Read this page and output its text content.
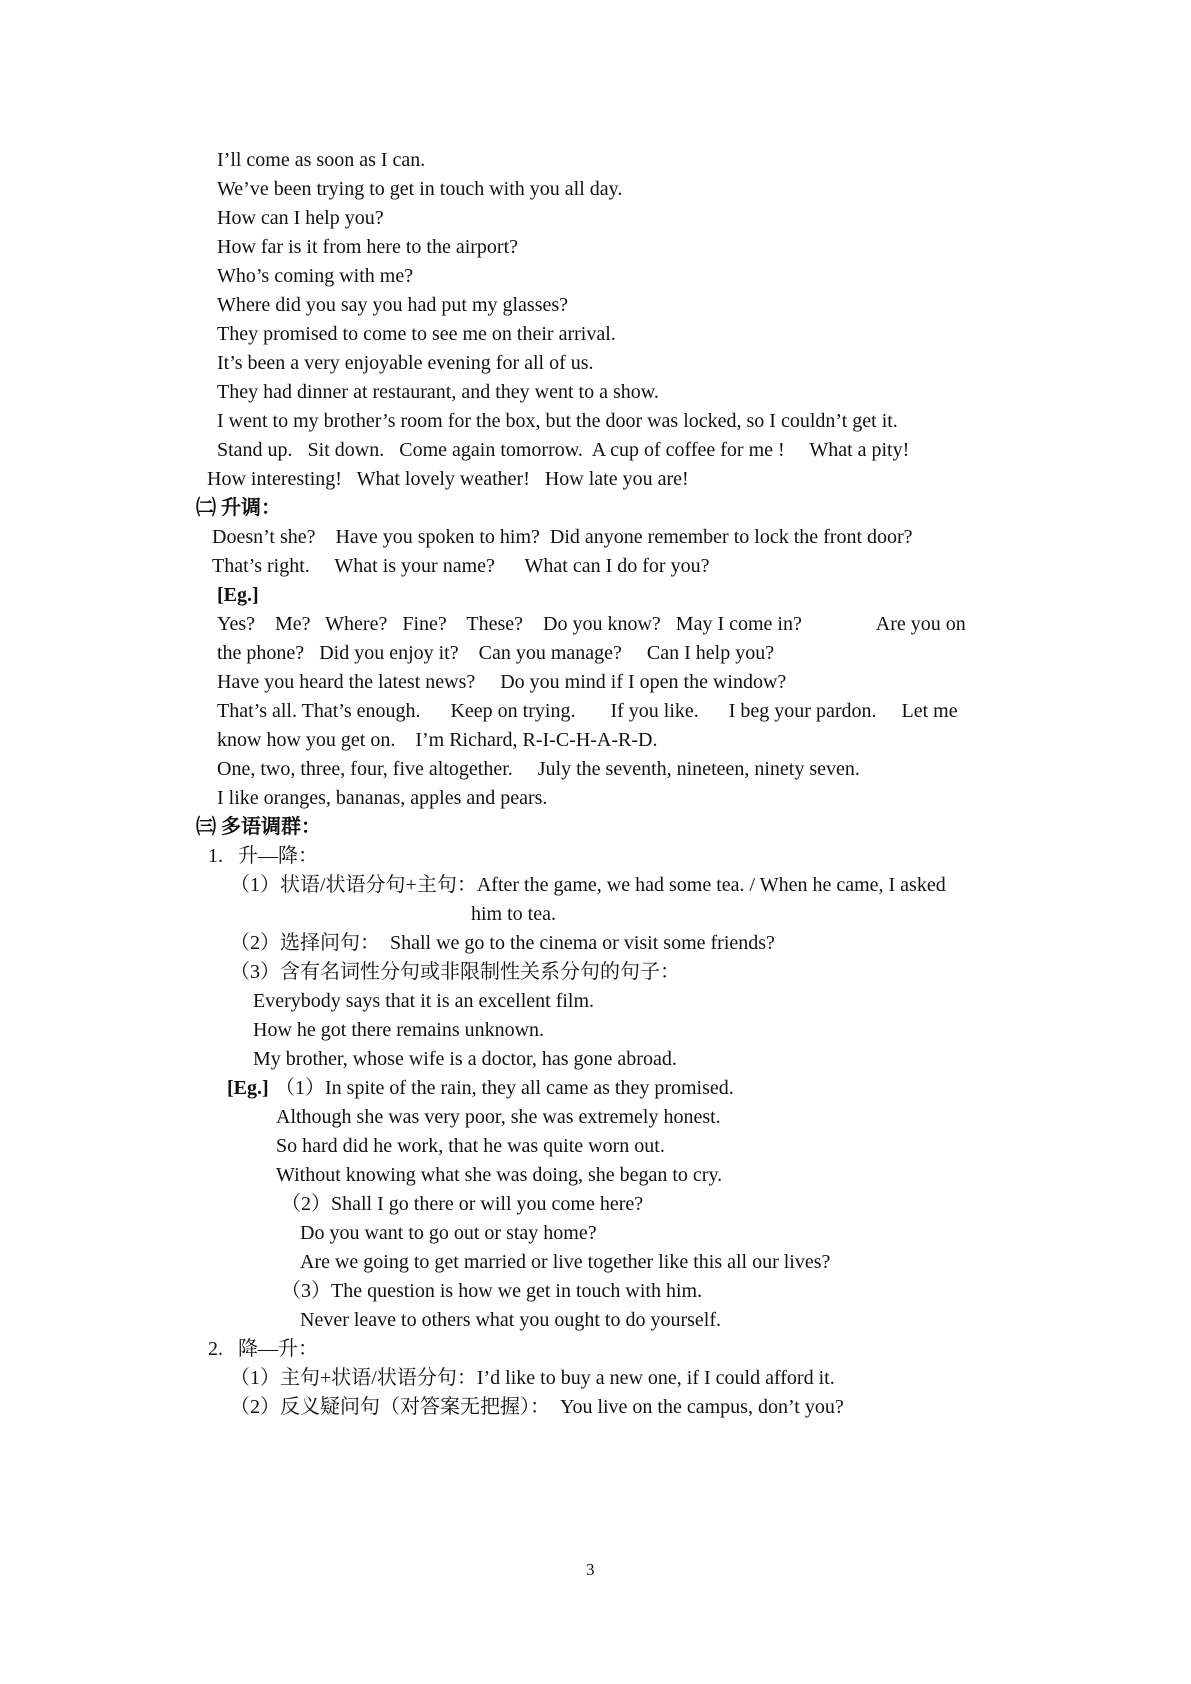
I’ll come as soon as I can.
We’ve been trying to get in touch with you all day.
How can I help you?
How far is it from here to the airport?
Who’s coming with me?
Where did you say you had put my glasses?
They promised to come to see me on their arrival.
It’s been a very enjoyable evening for all of us.
They had dinner at restaurant, and they went to a show.
I went to my brother’s room for the box, but the door was locked, so I couldn’t get it.
Stand up.   Sit down.   Come again tomorrow.  A cup of coffee for me !     What a pity!
How interesting!   What lovely weather!   How late you are!
㈡ 升调：
Doesn’t she?    Have you spoken to him?  Did anyone remember to lock the front door?
That’s right.     What is your name?      What can I do for you?
[Eg.]
Yes?    Me?   Where?   Fine?    These?    Do you know?   May I come in?               Are you on
the phone?   Did you enjoy it?    Can you manage?     Can I help you?
Have you heard the latest news?     Do you mind if I open the window?
That’s all. That’s enough.      Keep on trying.       If you like.      I beg your pardon.     Let me
know how you get on.    I’m Richard, R-I-C-H-A-R-D.
One, two, three, four, five altogether.     July the seventh, nineteen, ninety seven.
I like oranges, bananas, apples and pears.
㈢ 多语调群：
1.   升—降：
（1）状语/状语分句+主句：After the game, we had some tea. / When he came, I asked
him to tea.
（2）选择问句：  Shall we go to the cinema or visit some friends?
（3）含有名词性分句或非限制性关系分句的句子：
Everybody says that it is an excellent film.
How he got there remains unknown.
My brother, whose wife is a doctor, has gone abroad.
[Eg.] （1）In spite of the rain, they all came as they promised.
Although she was very poor, she was extremely honest.
So hard did he work, that he was quite worn out.
Without knowing what she was doing, she began to cry.
（2）Shall I go there or will you come here?
Do you want to go out or stay home?
Are we going to get married or live together like this all our lives?
（3）The question is how we get in touch with him.
Never leave to others what you ought to do yourself.
2.   降—升：
（1）主句+状语/状语分句：I’d like to buy a new one, if I could afford it.
（2）反义疑问句（对答案无把握）：  You live on the campus, don’t you?
3
